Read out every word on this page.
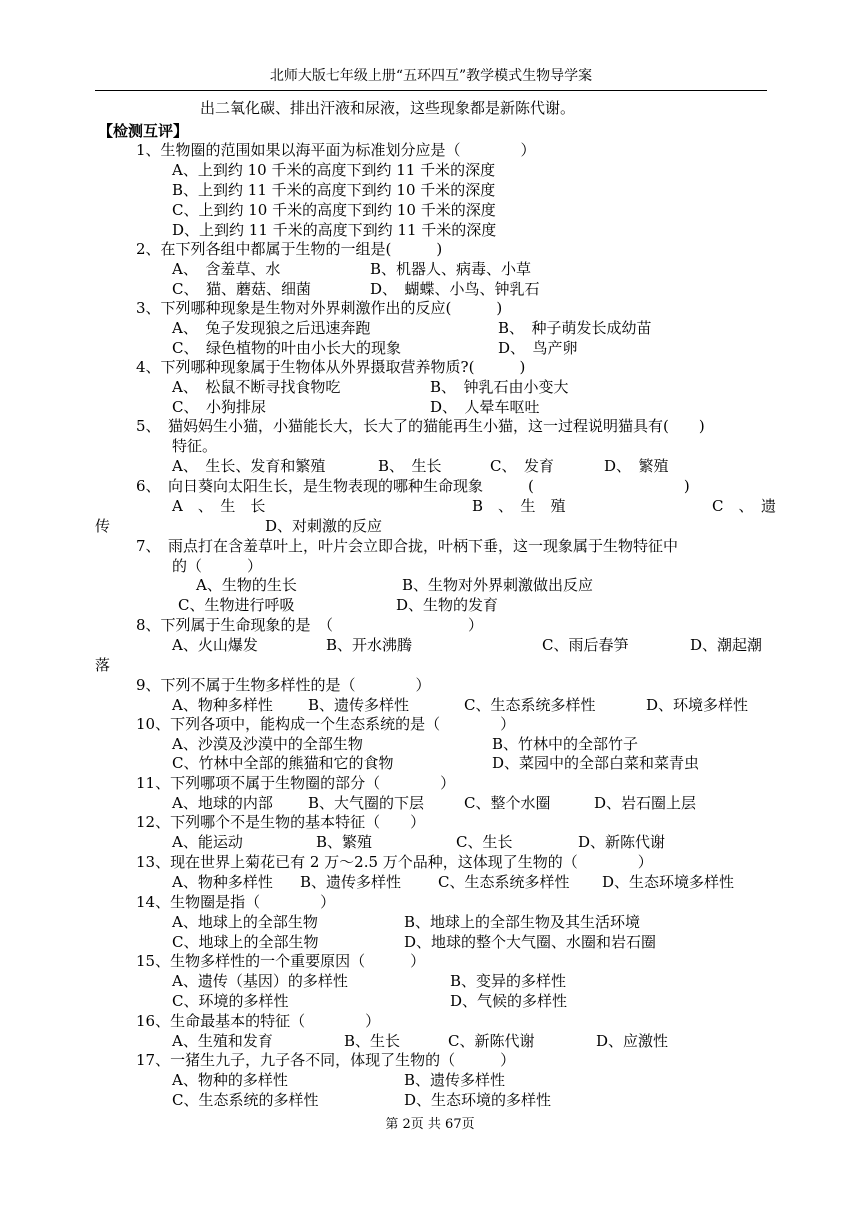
北师大版七年级上册“五环四互”教学模式生物导学案
出二氧化碳、排出汗液和尿液，这些现象都是新陈代谢。
【检测互评】
1、生物圈的范围如果以海平面为标准划分应是（　　　　）
A、上到约 10 千米的高度下到约 11 千米的深度
B、上到约 11 千米的高度下到约 10 千米的深度
C、上到约 10 千米的高度下到约 10 千米的深度
D、上到约 11 千米的高度下到约 11 千米的深度
2、在下列各组中都属于生物的一组是(　　　)
A、　含羞草、水	B、机器人、病毒、小草
C、　猫、蘑菇、细菌	D、　蝴蝶、小鸟、钟乳石
3、下列哪种现象是生物对外界刺激作出的反应(　　　)
A、　兔子发现狼之后迅速奔跑	B、　种子萌发长成幼苗
C、　绿色植物的叶由小长大的现象	D、　鸟产卵
4、下列哪种现象属于生物体从外界摄取营养物质?(　　　)
A、　松鼠不断寻找食物吃	B、　钟乳石由小变大
C、　小狗排尿	D、　人晕车呕吐
5、　猫妈妈生小猫，小猫能长大，长大了的猫能再生小猫，这一过程说明猫具有(　　)
特征。
A、　生长、发育和繁殖	B、　生长	C、　发育	D、　繁殖
6、　向日葵向太阳生长，是生物表现的哪种生命现象　　　(　　　　　　　　　　)
A　、　生　长	B　、　生　殖	C　、　遗
传	D、对刺激的反应
7、　雨点打在含羞草叶上，叶片会立即合拢，叶柄下垂，这一现象属于生物特征中
的（　　　）
A、生物的生长	B、生物对外界刺激做出反应
C、生物进行呼吸	D、生物的发育
8、下列属于生命现象的是　（　　　　　　　　　）
A、火山爆发	B、开水沸腾	C、雨后春笋	D、潮起潮
落
9、下列不属于生物多样性的是（　　　　）
A、物种多样性 B、遗传多样性	C、生态系统多样性	D、环境多样性
10、下列各项中，能构成一个生态系统的是（　　　　）
A、沙漠及沙漠中的全部生物	B、竹林中的全部竹子
C、竹林中全部的熊猫和它的食物	D、菜园中的全部白菜和菜青虫
11、下列哪项不属于生物圈的部分（　　　　）
A、地球的内部 B、大气圈的下层	C、整个水圈	D、岩石圈上层
12、下列哪个不是生物的基本特征（　　）
A、能运动	B、繁殖	C、生长	D、新陈代谢
13、现在世界上菊花已有 2 万～2.5 万个品种，这体现了生物的（　　　　）
A、物种多样性 B、遗传多样性 C、生态系统多样性 D、生态环境多样性
14、生物圈是指（　　　　）
A、地球上的全部生物	B、地球上的全部生物及其生活环境
C、地球上的全部生物	D、地球的整个大气圈、水圈和岩石圈
15、生物多样性的一个重要原因（　　　）
A、遗传（基因）的多样性	B、变异的多样性
C、环境的多样性	D、气候的多样性
16、生命最基本的特征（　　　　）
A、生殖和发育	B、生长	C、新陈代谢	D、应激性
17、一猪生九子，九子各不同，体现了生物的（　　　）
A、物种的多样性	B、遗传多样性
C、生态系统的多样性	D、生态环境的多样性
第 2页 共 67页
